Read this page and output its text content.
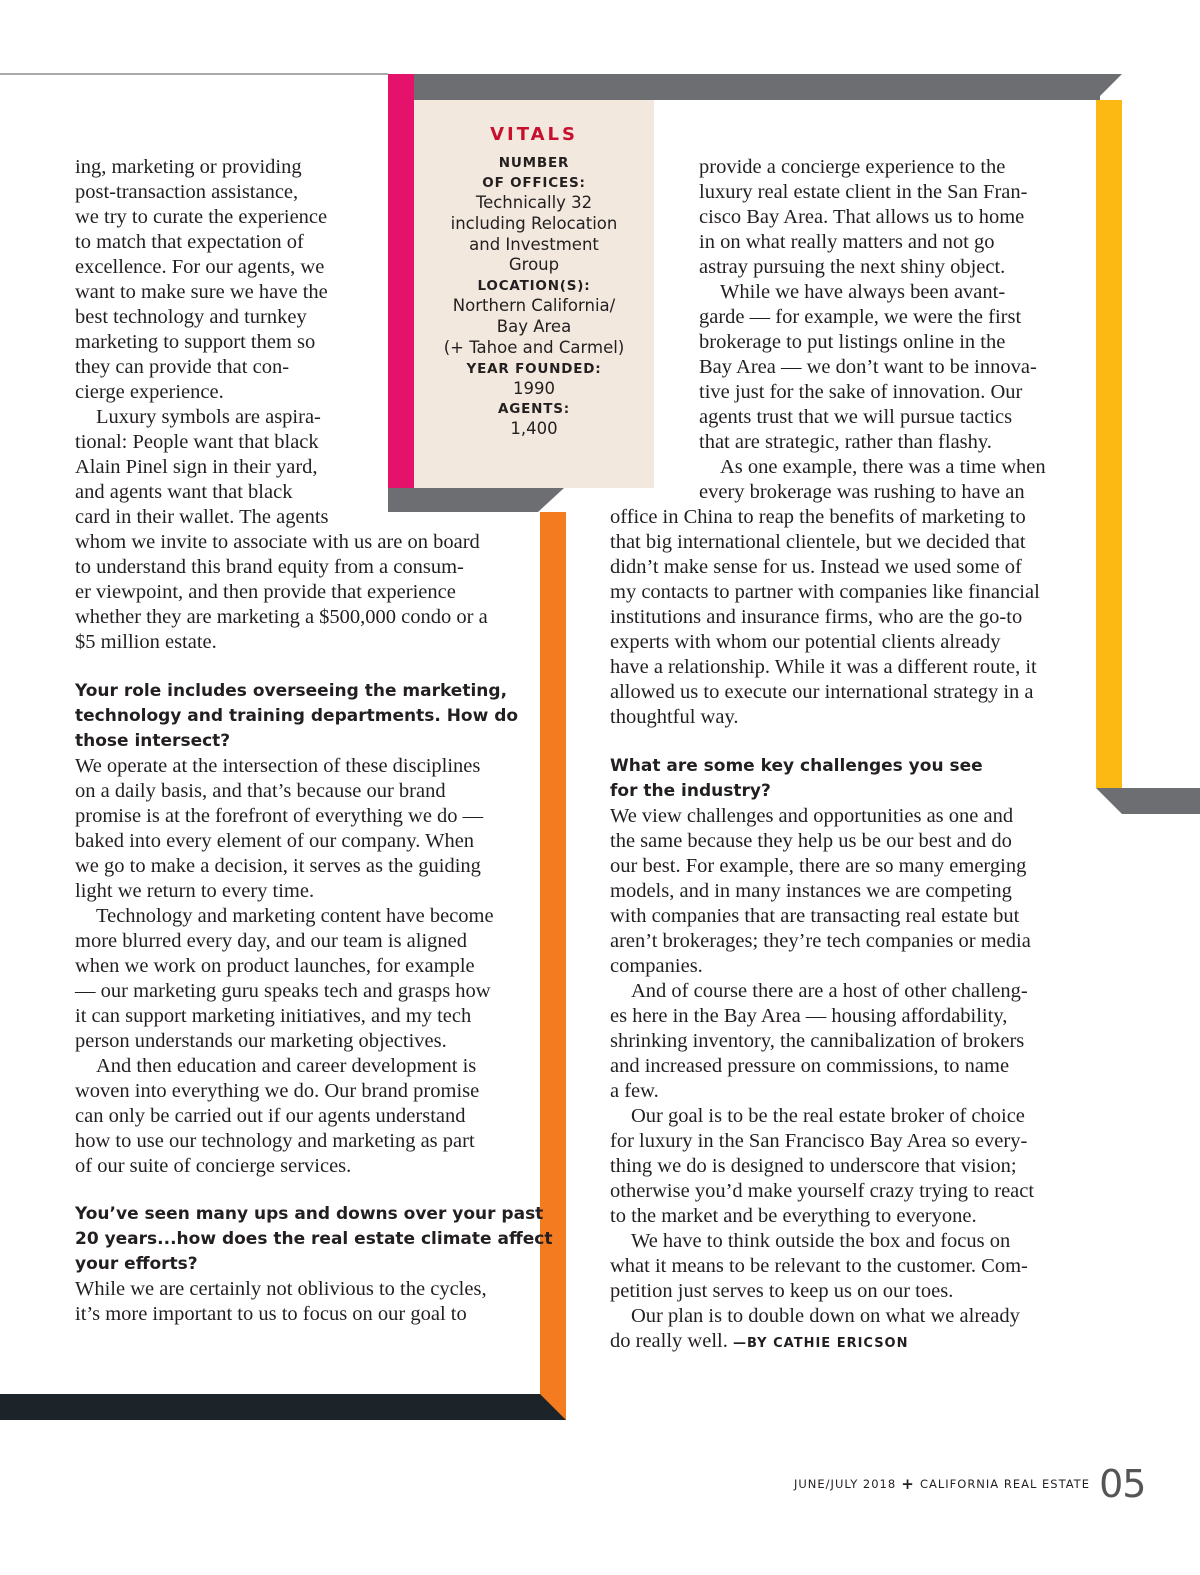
VITALS
NUMBER
OF OFFICES:
Technically 32
including Relocation
and Investment
Group
LOCATION(S):
Northern California/
Bay Area
(+ Tahoe and Carmel)
YEAR FOUNDED:
1990
AGENTS:
1,400
ing, marketing or providing
post-transaction assistance,
we try to curate the experience
to match that expectation of
excellence. For our agents, we
want to make sure we have the
best technology and turnkey
marketing to support them so
they can provide that con-
cierge experience.
Luxury symbols are aspira-
tional: People want that black
Alain Pinel sign in their yard,
and agents want that black
card in their wallet. The agents
whom we invite to associate with us are on board
to understand this brand equity from a consum-
er viewpoint, and then provide that experience
whether they are marketing a $500,000 condo or a
$5 million estate.
Your role includes overseeing the marketing,
technology and training departments. How do
those intersect?
We operate at the intersection of these disciplines
on a daily basis, and that’s because our brand
promise is at the forefront of everything we do —
baked into every element of our company. When
we go to make a decision, it serves as the guiding
light we return to every time.
Technology and marketing content have become
more blurred every day, and our team is aligned
when we work on product launches, for example
— our marketing guru speaks tech and grasps how
it can support marketing initiatives, and my tech
person understands our marketing objectives.
And then education and career development is
woven into everything we do. Our brand promise
can only be carried out if our agents understand
how to use our technology and marketing as part
of our suite of concierge services.
You’ve seen many ups and downs over your past
20 years...how does the real estate climate affect
your efforts?
While we are certainly not oblivious to the cycles,
it’s more important to us to focus on our goal to
provide a concierge experience to the
luxury real estate client in the San Fran-
cisco Bay Area. That allows us to home
in on what really matters and not go
astray pursuing the next shiny object.
While we have always been avant-
garde — for example, we were the first
brokerage to put listings online in the
Bay Area — we don’t want to be innova-
tive just for the sake of innovation. Our
agents trust that we will pursue tactics
that are strategic, rather than flashy.
As one example, there was a time when
every brokerage was rushing to have an
office in China to reap the benefits of marketing to
that big international clientele, but we decided that
didn’t make sense for us. Instead we used some of
my contacts to partner with companies like financial
institutions and insurance firms, who are the go-to
experts with whom our potential clients already
have a relationship. While it was a different route, it
allowed us to execute our international strategy in a
thoughtful way.
What are some key challenges you see
for the industry?
We view challenges and opportunities as one and
the same because they help us be our best and do
our best. For example, there are so many emerging
models, and in many instances we are competing
with companies that are transacting real estate but
aren’t brokerages; they’re tech companies or media
companies.
And of course there are a host of other challeng-
es here in the Bay Area — housing affordability,
shrinking inventory, the cannibalization of brokers
and increased pressure on commissions, to name
a few.
Our goal is to be the real estate broker of choice
for luxury in the San Francisco Bay Area so every-
thing we do is designed to underscore that vision;
otherwise you’d make yourself crazy trying to react
to the market and be everything to everyone.
We have to think outside the box and focus on
what it means to be relevant to the customer. Com-
petition just serves to keep us on our toes.
Our plan is to double down on what we already
do really well. —BY CATHIE ERICSON
JUNE/JULY 2018 + CALIFORNIA REAL ESTATE 05
